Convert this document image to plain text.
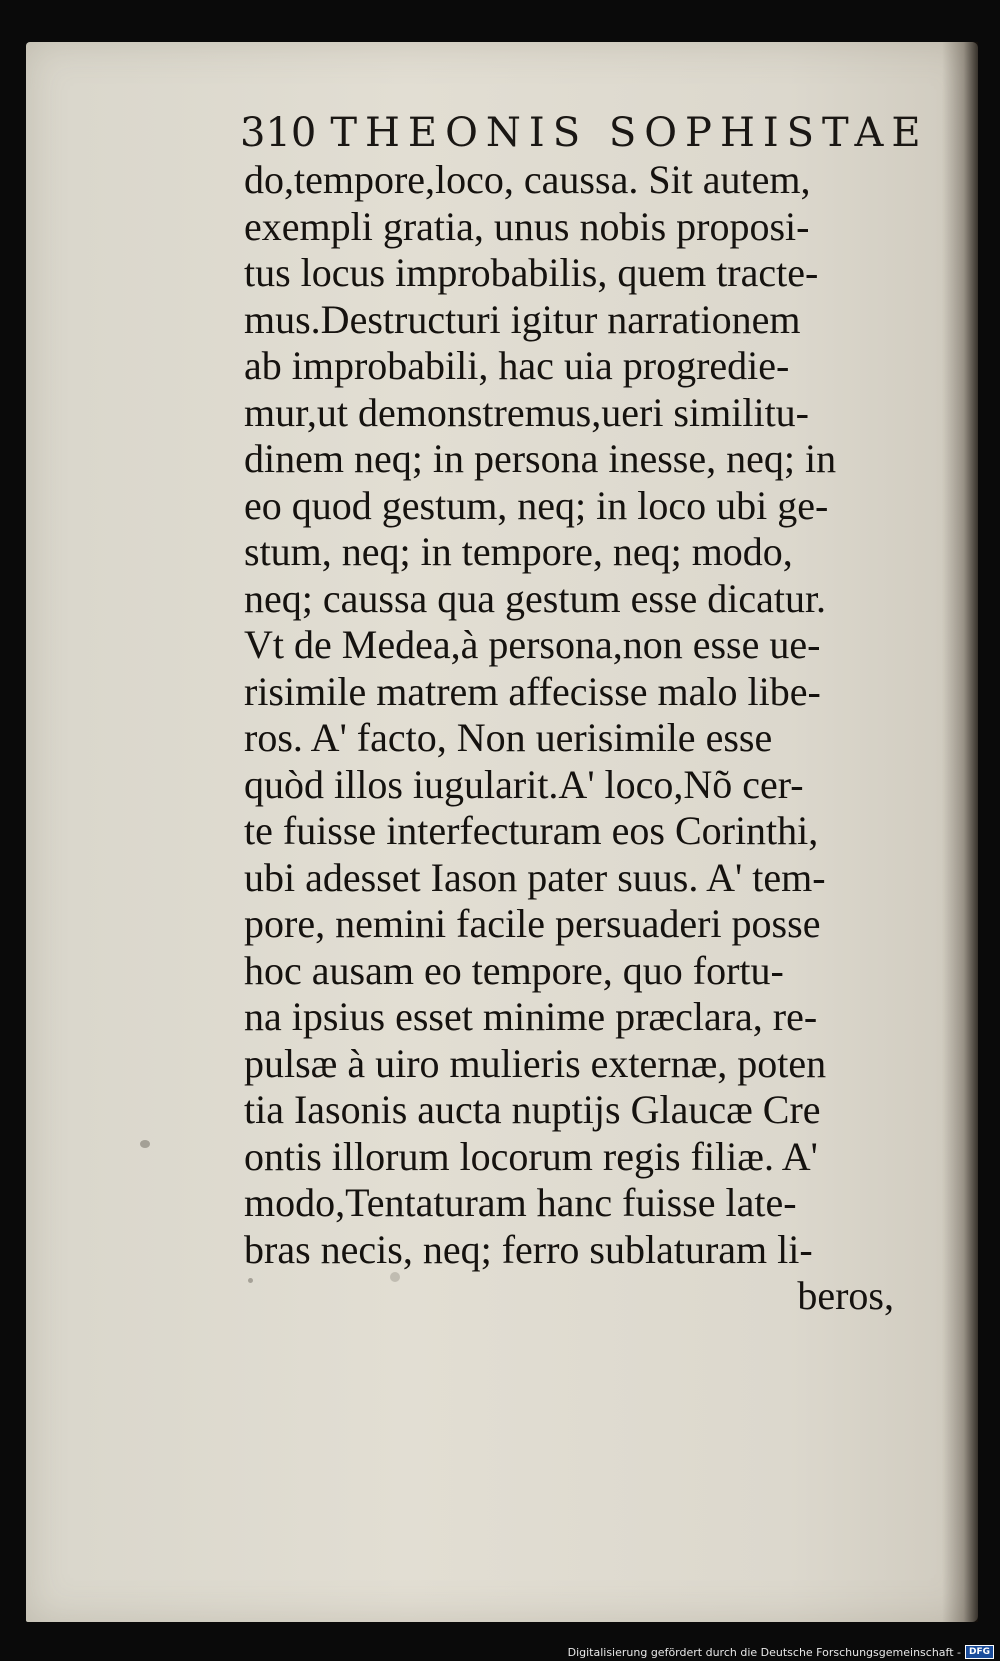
310 THEONIS SOPHISTAE
do,tempore,loco, caussa. Sit autem,
exempli gratia, unus nobis proposi-
tus locus improbabilis, quem tracte-
mus.Destructuri igitur narrationem
ab improbabili, hac uia progredie-
mur,ut demonstremus,ueri similitu-
dinem neq; in persona inesse, neq; in
eo quod gestum, neq; in loco ubi ge-
stum, neq; in tempore, neq; modo,
neq; caussa qua gestum esse dicatur.
Vt de Medea,à persona,non esse ue-
risimile matrem affecisse malo libe-
ros. A' facto, Non uerisimile esse
quòd illos iugularit.A' loco,Nõ cer-
te fuisse interfecturam eos Corinthi,
ubi adesset Iason pater suus. A' tem-
pore, nemini facile persuaderi posse
hoc ausam eo tempore, quo fortu-
na ipsius esset minime præclara, re-
pulsæ à uiro mulieris externæ, poten
tia Iasonis aucta nuptijs Glaucæ Cre
ontis illorum locorum regis filiæ. A'
modo,Tentaturam hanc fuisse late-
bras necis, neq; ferro sublaturam li-
beros,
Digitalisierung gefördert durch die Deutsche Forschungsgemeinschaft - DFG
